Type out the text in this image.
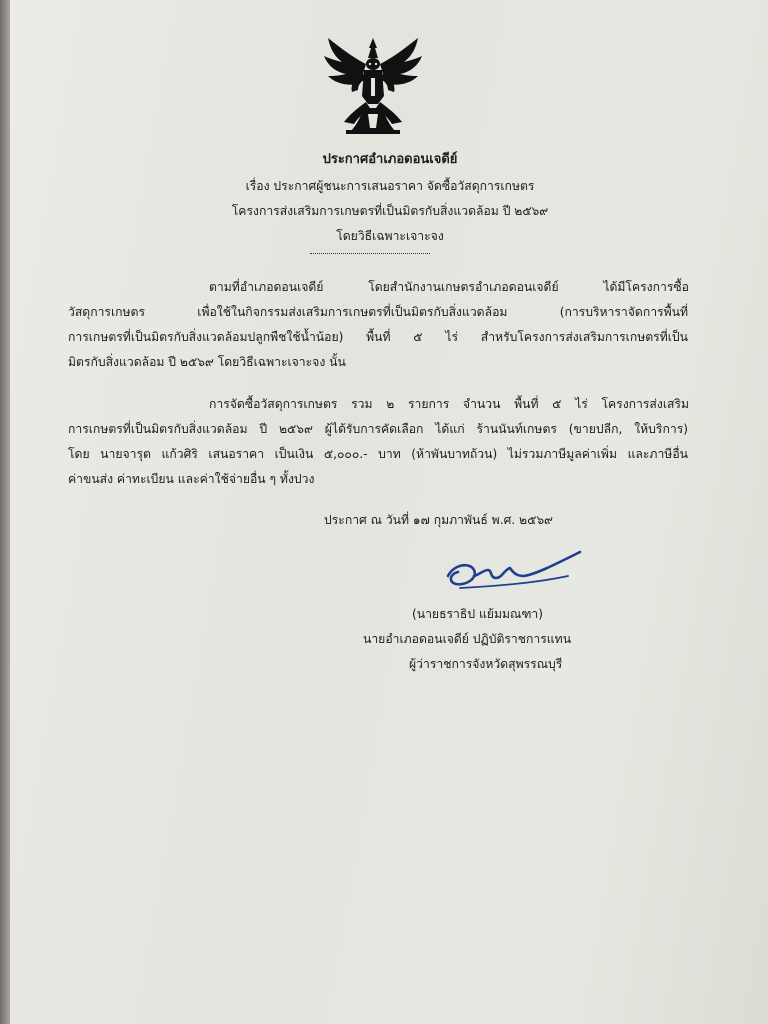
ประกาศอำเภอดอนเจดีย์
เรื่อง ประกาศผู้ชนะการเสนอราคา จัดซื้อวัสดุการเกษตร
โครงการส่งเสริมการเกษตรที่เป็นมิตรกับสิ่งแวดล้อม ปี ๒๕๖๙
โดยวิธีเฉพาะเจาะจง
ตามที่อำเภอดอนเจดีย์ โดยสำนักงานเกษตรอำเภอดอนเจดีย์ ได้มีโครงการซื้อ
วัสดุการเกษตร เพื่อใช้ในกิจกรรมส่งเสริมการเกษตรที่เป็นมิตรกับสิ่งแวดล้อม (การบริหาราจัดการพื้นที่
การเกษตรที่เป็นมิตรกับสิ่งแวดล้อมปลูกพืชใช้น้ำน้อย) พื้นที่ ๕ ไร่ สำหรับโครงการส่งเสริมการเกษตรที่เป็น
มิตรกับสิ่งแวดล้อม ปี ๒๕๖๙ โดยวิธีเฉพาะเจาะจง นั้น
การจัดซื้อวัสดุการเกษตร รวม ๒ รายการ จำนวน พื้นที่ ๕ ไร่ โครงการส่งเสริม
การเกษตรที่เป็นมิตรกับสิ่งแวดล้อม ปี ๒๕๖๙ ผู้ได้รับการคัดเลือก ได้แก่ ร้านนันท์เกษตร (ขายปลีก, ให้บริการ)
โดย นายจารุต แก้วศิริ เสนอราคา เป็นเงิน ๕,๐๐๐.- บาท (ห้าพันบาทถ้วน) ไม่รวมภาษีมูลค่าเพิ่ม และภาษีอื่น
ค่าขนส่ง ค่าทะเบียน และค่าใช้จ่ายอื่น ๆ ทั้งปวง
ประกาศ ณ วันที่ ๑๗ กุมภาพันธ์ พ.ศ. ๒๕๖๙
(นายธราธิป แย้มมณฑา)
นายอำเภอดอนเจดีย์ ปฏิบัติราชการแทน
ผู้ว่าราชการจังหวัดสุพรรณบุรี
